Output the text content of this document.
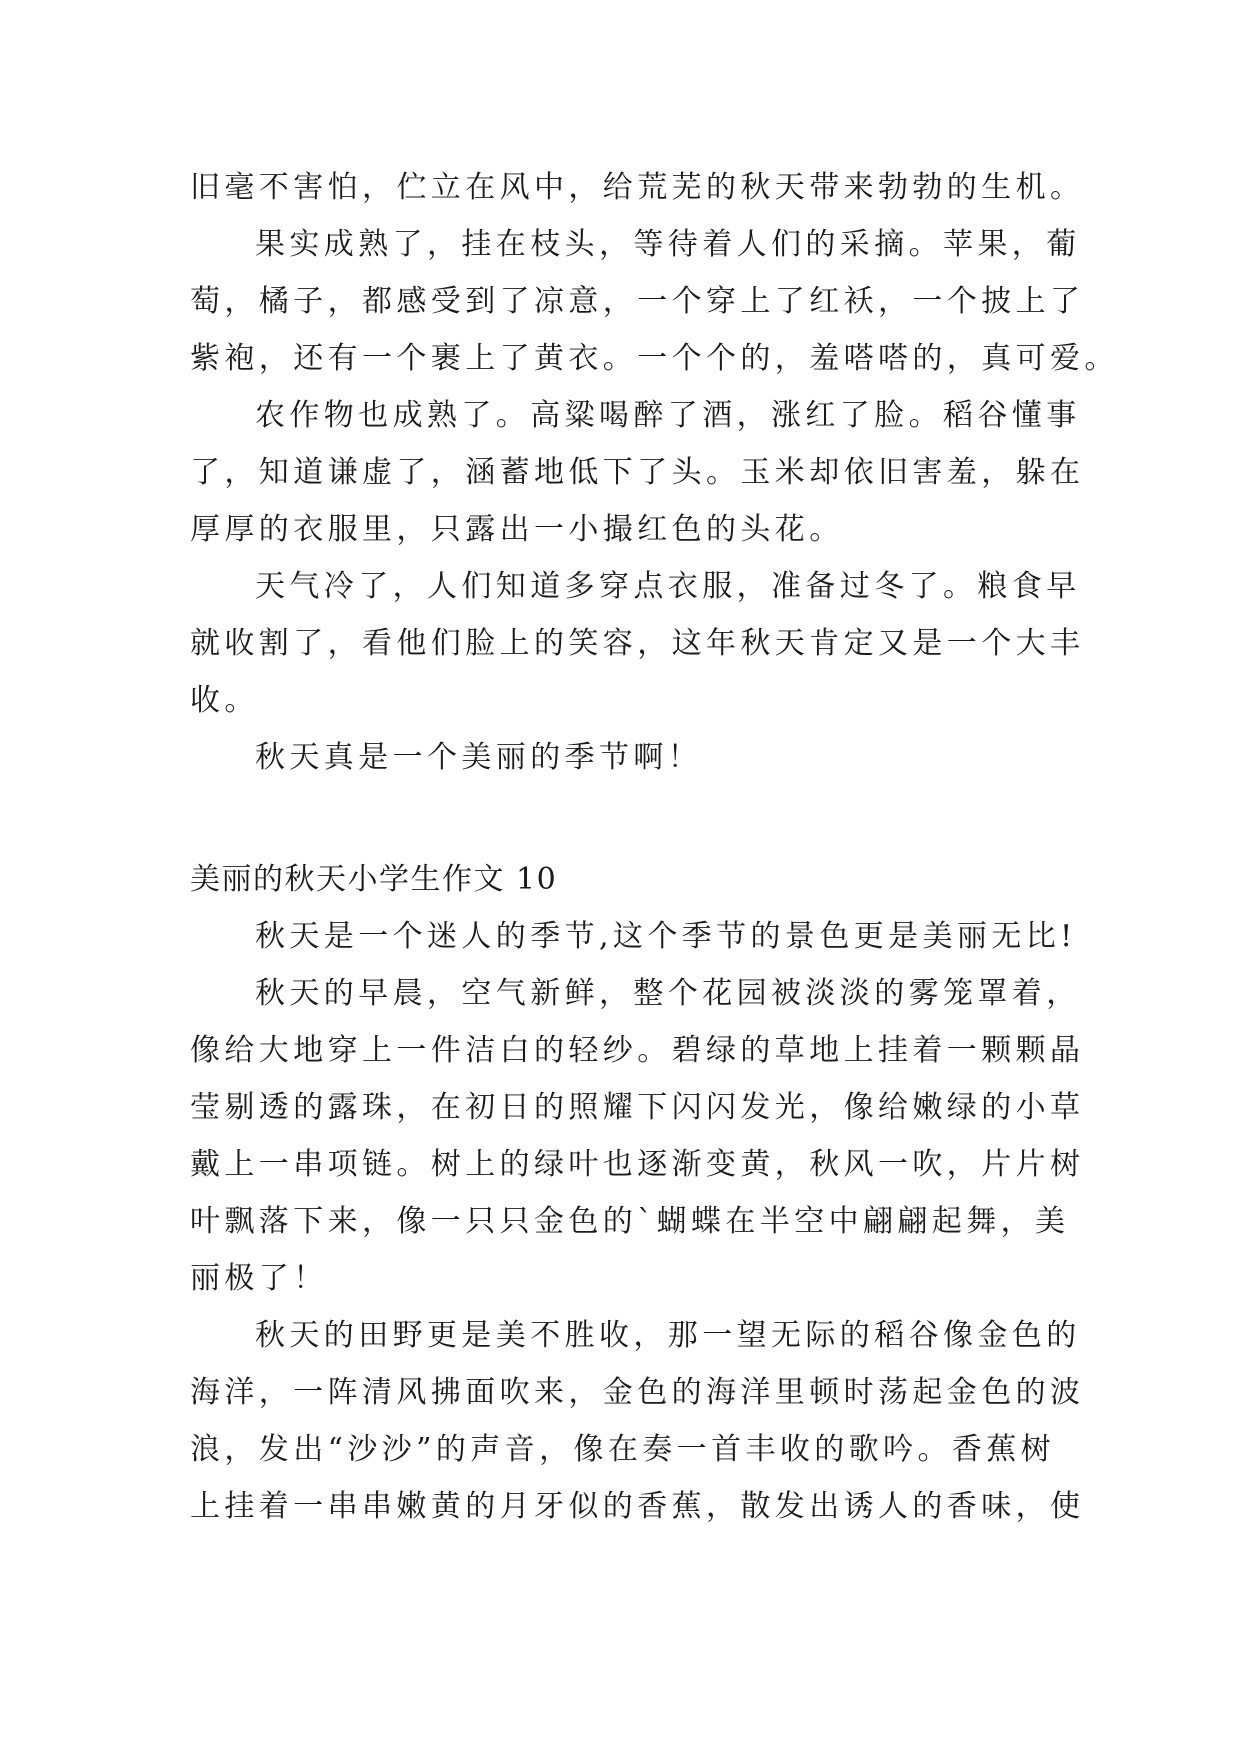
旧毫不害怕，伫立在风中，给荒芜的秋天带来勃勃的生机。
果实成熟了，挂在枝头，等待着人们的采摘。苹果，葡
萄，橘子，都感受到了凉意，一个穿上了红袄，一个披上了
紫袍，还有一个裹上了黄衣。一个个的，羞嗒嗒的，真可爱。
农作物也成熟了。高粱喝醉了酒，涨红了脸。稻谷懂事
了，知道谦虚了，涵蓄地低下了头。玉米却依旧害羞，躲在
厚厚的衣服里，只露出一小撮红色的头花。
天气冷了，人们知道多穿点衣服，准备过冬了。粮食早
就收割了，看他们脸上的笑容，这年秋天肯定又是一个大丰
收。
秋天真是一个美丽的季节啊！
美丽的秋天小学生作文 10
秋天是一个迷人的季节,这个季节的景色更是美丽无比!
秋天的早晨，空气新鲜，整个花园被淡淡的雾笼罩着，
像给大地穿上一件洁白的轻纱。碧绿的草地上挂着一颗颗晶
莹剔透的露珠，在初日的照耀下闪闪发光，像给嫩绿的小草
戴上一串项链。树上的绿叶也逐渐变黄，秋风一吹，片片树
叶飘落下来，像一只只金色的`蝴蝶在半空中翩翩起舞，美
丽极了！
秋天的田野更是美不胜收，那一望无际的稻谷像金色的
海洋，一阵清风拂面吹来，金色的海洋里顿时荡起金色的波
浪，发出“沙沙”的声音，像在奏一首丰收的歌吟。香蕉树
上挂着一串串嫩黄的月牙似的香蕉，散发出诱人的香味，使
